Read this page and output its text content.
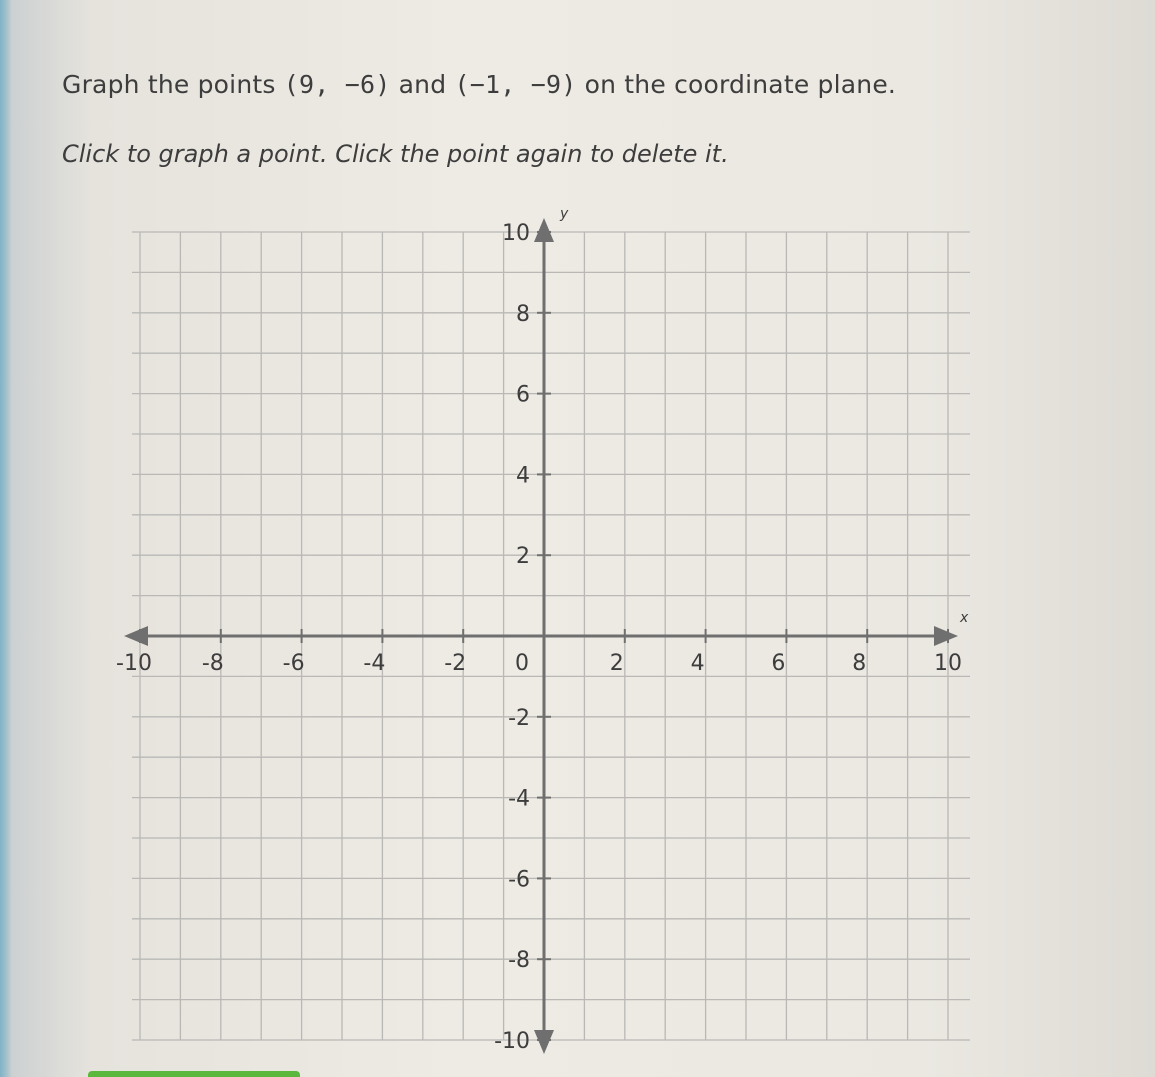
Graph the points (9, −6) and (−1, −9) on the coordinate plane.
Click to graph a point. Click the point again to delete it.
x
y
-10 -8	-6	-4	-2 0	2	4	6	8	10
10
8
6
4
2
-2
-4
-6
-8
-10
